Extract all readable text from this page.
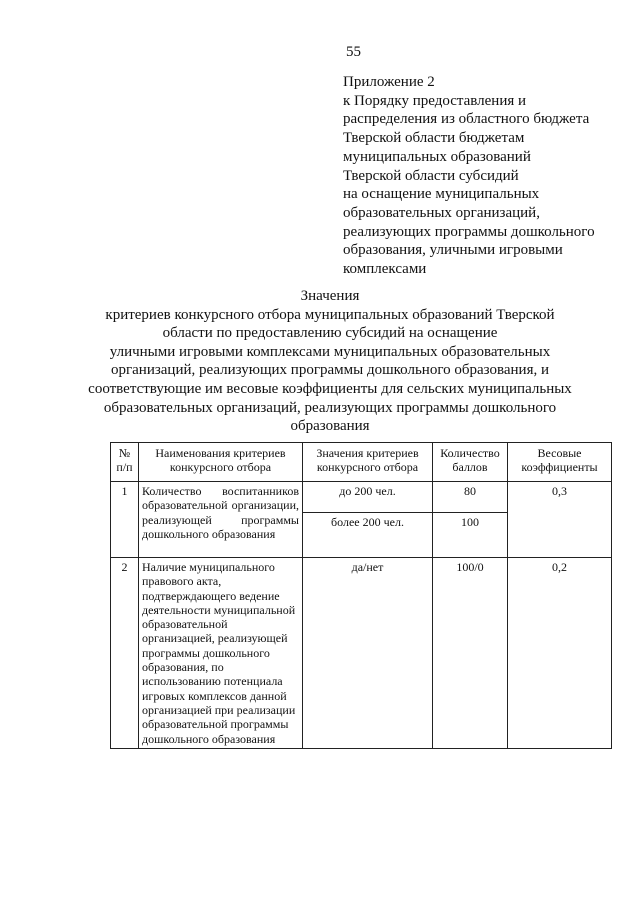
55
Приложение 2
к Порядку предоставления и
распределения из областного бюджета
Тверской области бюджетам
муниципальных образований
Тверской области субсидий
на оснащение муниципальных
образовательных организаций,
реализующих программы дошкольного
образования, уличными игровыми
комплексами
Значения
критериев конкурсного отбора муниципальных образований Тверской
области по предоставлению субсидий на оснащение
уличными игровыми комплексами муниципальных образовательных
организаций, реализующих программы дошкольного образования, и
соответствующие им весовые коэффициенты для сельских муниципальных
образовательных организаций, реализующих программы дошкольного
образования
№ п/п	Наименования критериев конкурсного отбора	Значения критериев конкурсного отбора	Количество баллов	Весовые коэффициенты
1	Количество воспитанников образовательной организации, реализующей программы дошкольного образования	до 200 чел.	80	0,3
		более 200 чел.	100	
2	Наличие муниципального правового акта, подтверждающего ведение деятельности муниципальной образовательной организацией, реализующей программы дошкольного образования, по использованию потенциала игровых комплексов данной организацией при реализации образовательной программы дошкольного образования	да/нет	100/0	0,2
